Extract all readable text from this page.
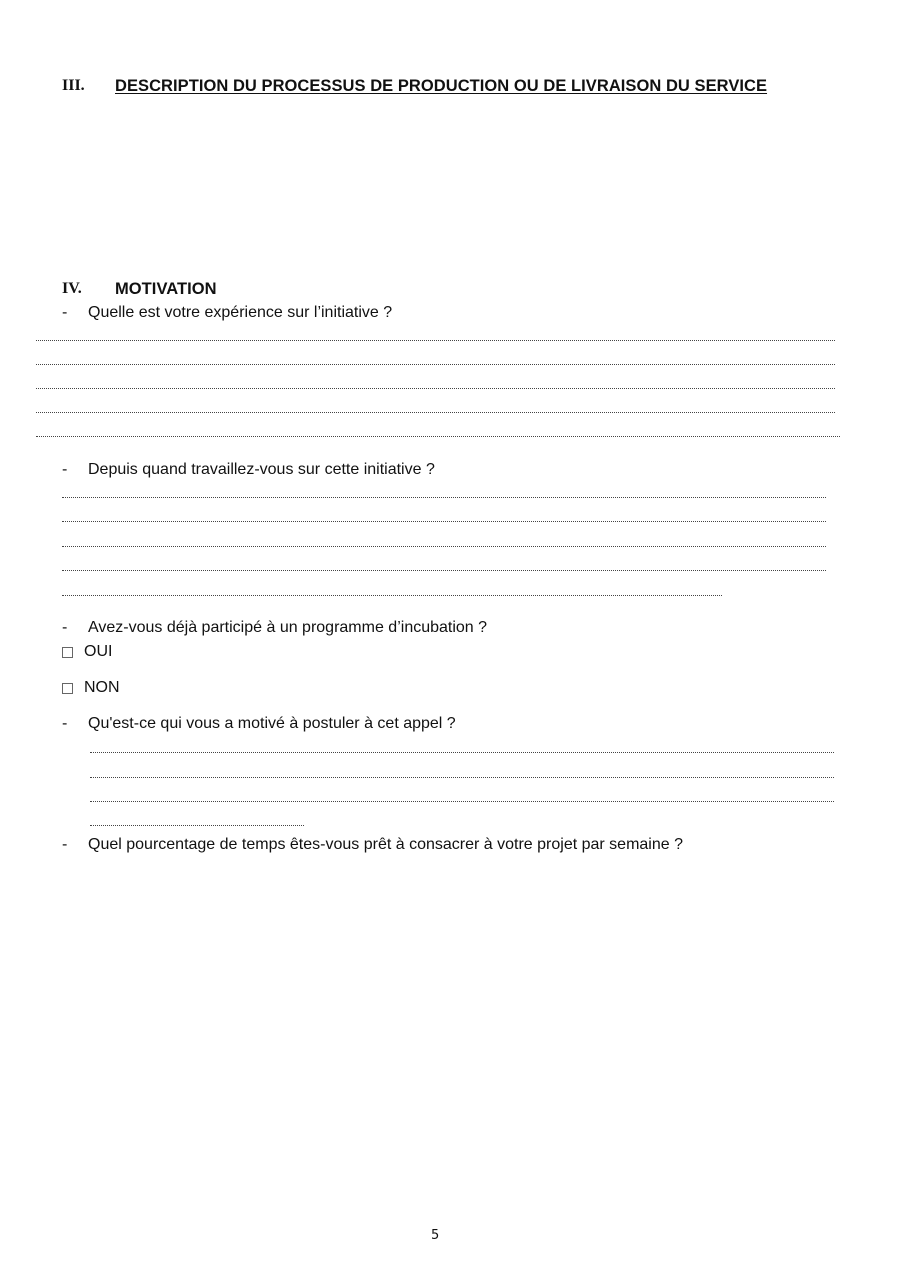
III. DESCRIPTION DU PROCESSUS DE PRODUCTION OU DE LIVRAISON DU SERVICE
IV. MOTIVATION
- Quelle est votre expérience sur l’initiative ?
- Depuis quand travaillez-vous sur cette initiative ?
- Avez-vous déjà participé à un programme d’incubation ?
OUI
NON
- Qu'est-ce qui vous a motivé à postuler à cet appel ?
- Quel pourcentage de temps êtes-vous prêt à consacrer à votre projet par semaine ?
5
